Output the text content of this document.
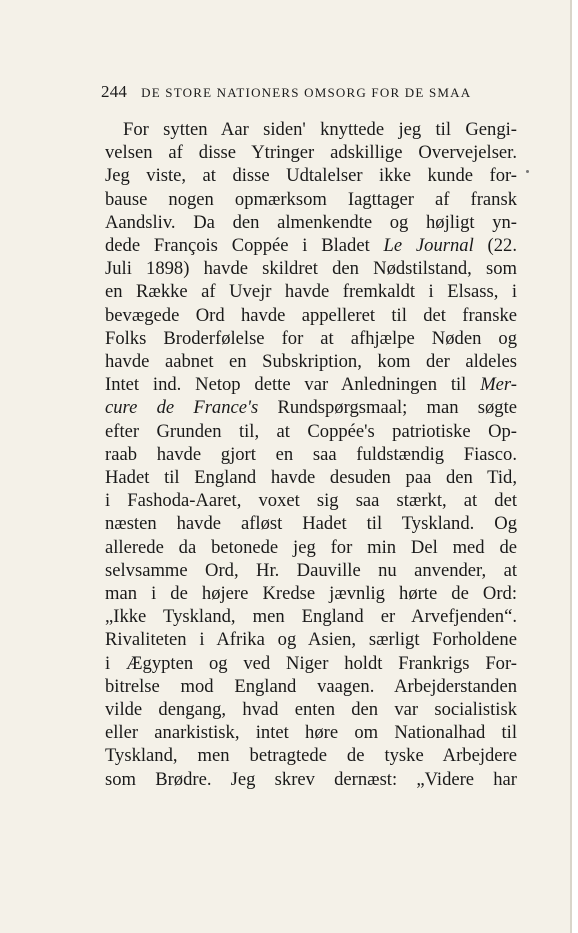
244 DE STORE NATIONERS OMSORG FOR DE SMAA
For sytten Aar siden' knyttede jeg til Gengi-
velsen af disse Ytringer adskillige Overvejelser.
Jeg viste, at disse Udtalelser ikke kunde for-
bause nogen opmærksom Iagttager af fransk
Aandsliv. Da den almenkendte og højligt yn-
dede François Coppée i Bladet Le Journal (22.
Juli 1898) havde skildret den Nødstilstand, som
en Række af Uvejr havde fremkaldt i Elsass, i
bevægede Ord havde appelleret til det franske
Folks Broderfølelse for at afhjælpe Nøden og
havde aabnet en Subskription, kom der aldeles
Intet ind. Netop dette var Anledningen til Mer-
cure de France's Rundspørgsmaal; man søgte
efter Grunden til, at Coppée's patriotiske Op-
raab havde gjort en saa fuldstændig Fiasco.
Hadet til England havde desuden paa den Tid,
i Fashoda-Aaret, voxet sig saa stærkt, at det
næsten havde afløst Hadet til Tyskland. Og
allerede da betonede jeg for min Del med de
selvsamme Ord, Hr. Dauville nu anvender, at
man i de højere Kredse jævnlig hørte de Ord:
„Ikke Tyskland, men England er Arvefjenden“.
Rivaliteten i Afrika og Asien, særligt Forholdene
i Ægypten og ved Niger holdt Frankrigs For-
bitrelse mod England vaagen. Arbejderstanden
vilde dengang, hvad enten den var socialistisk
eller anarkistisk, intet høre om Nationalhad til
Tyskland, men betragtede de tyske Arbejdere
som Brødre. Jeg skrev dernæst: „Videre har
